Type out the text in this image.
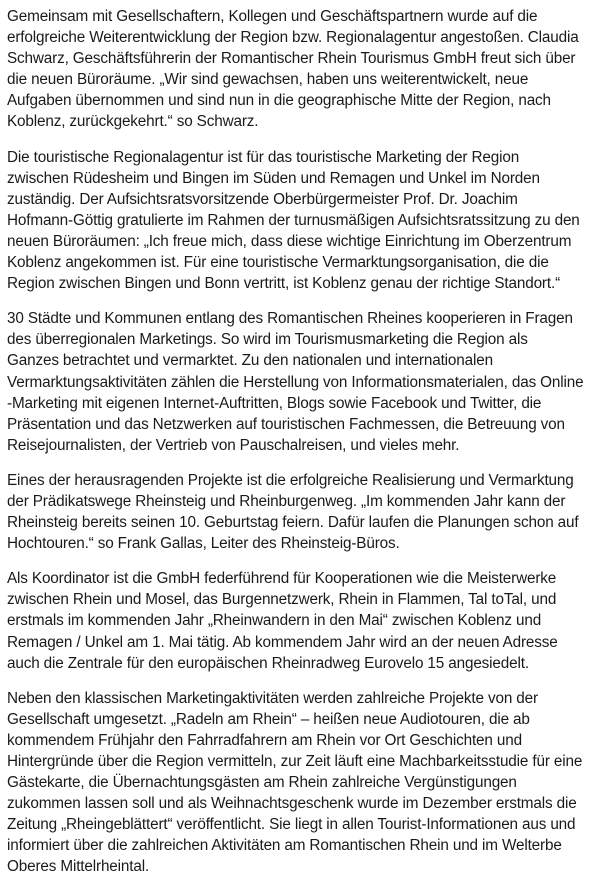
Gemeinsam mit Gesellschaftern, Kollegen und Geschäftspartnern wurde auf die
erfolgreiche Weiterentwicklung der Region bzw. Regionalagentur angestoßen. Claudia
Schwarz, Geschäftsführerin der Romantischer Rhein Tourismus GmbH freut sich über
die neuen Büroräume. „Wir sind gewachsen, haben uns weiterentwickelt, neue
Aufgaben übernommen und sind nun in die geographische Mitte der Region, nach
Koblenz, zurückgekehrt.“ so Schwarz.

Die touristische Regionalagentur ist für das touristische Marketing der Region
zwischen Rüdesheim und Bingen im Süden und Remagen und Unkel im Norden
zuständig. Der Aufsichtsratsvorsitzende Oberbürgermeister Prof. Dr. Joachim
Hofmann-Göttig gratulierte im Rahmen der turnusmäßigen Aufsichtsratssitzung zu den
neuen Büroräumen: „Ich freue mich, dass diese wichtige Einrichtung im Oberzentrum
Koblenz angekommen ist. Für eine touristische Vermarktungsorganisation, die die
Region zwischen Bingen und Bonn vertritt, ist Koblenz genau der richtige Standort.“

30 Städte und Kommunen entlang des Romantischen Rheines kooperieren in Fragen
des überregionalen Marketings. So wird im Tourismusmarketing die Region als
Ganzes betrachtet und vermarktet. Zu den nationalen und internationalen
Vermarktungsaktivitäten zählen die Herstellung von Informationsmaterialen, das Online
-Marketing mit eigenen Internet-Auftritten, Blogs sowie Facebook und Twitter, die
Präsentation und das Netzwerken auf touristischen Fachmessen, die Betreuung von
Reisejournalisten, der Vertrieb von Pauschalreisen, und vieles mehr.

Eines der herausragenden Projekte ist die erfolgreiche Realisierung und Vermarktung
der Prädikatswege Rheinsteig und Rheinburgenweg. „Im kommenden Jahr kann der
Rheinsteig bereits seinen 10. Geburtstag feiern. Dafür laufen die Planungen schon auf
Hochtouren.“ so Frank Gallas, Leiter des Rheinsteig-Büros.

Als Koordinator ist die GmbH federführend für Kooperationen wie die Meisterwerke
zwischen Rhein und Mosel, das Burgennetzwerk, Rhein in Flammen, Tal toTal, und
erstmals im kommenden Jahr „Rheinwandern in den Mai“ zwischen Koblenz und
Remagen / Unkel am 1. Mai tätig. Ab kommendem Jahr wird an der neuen Adresse
auch die Zentrale für den europäischen Rheinradweg Eurovelo 15 angesiedelt.

Neben den klassischen Marketingaktivitäten werden zahlreiche Projekte von der
Gesellschaft umgesetzt. „Radeln am Rhein“ – heißen neue Audiotouren, die ab
kommendem Frühjahr den Fahrradfahrern am Rhein vor Ort Geschichten und
Hintergründe über die Region vermitteln, zur Zeit läuft eine Machbarkeitsstudie für eine
Gästekarte, die Übernachtungsgästen am Rhein zahlreiche Vergünstigungen
zukommen lassen soll und als Weihnachtsgeschenk wurde im Dezember erstmals die
Zeitung „Rheingeblättert“ veröffentlicht. Sie liegt in allen Tourist-Informationen aus und
informiert über die zahlreichen Aktivitäten am Romantischen Rhein und im Welterbe
Oberes Mittelrheintal.
